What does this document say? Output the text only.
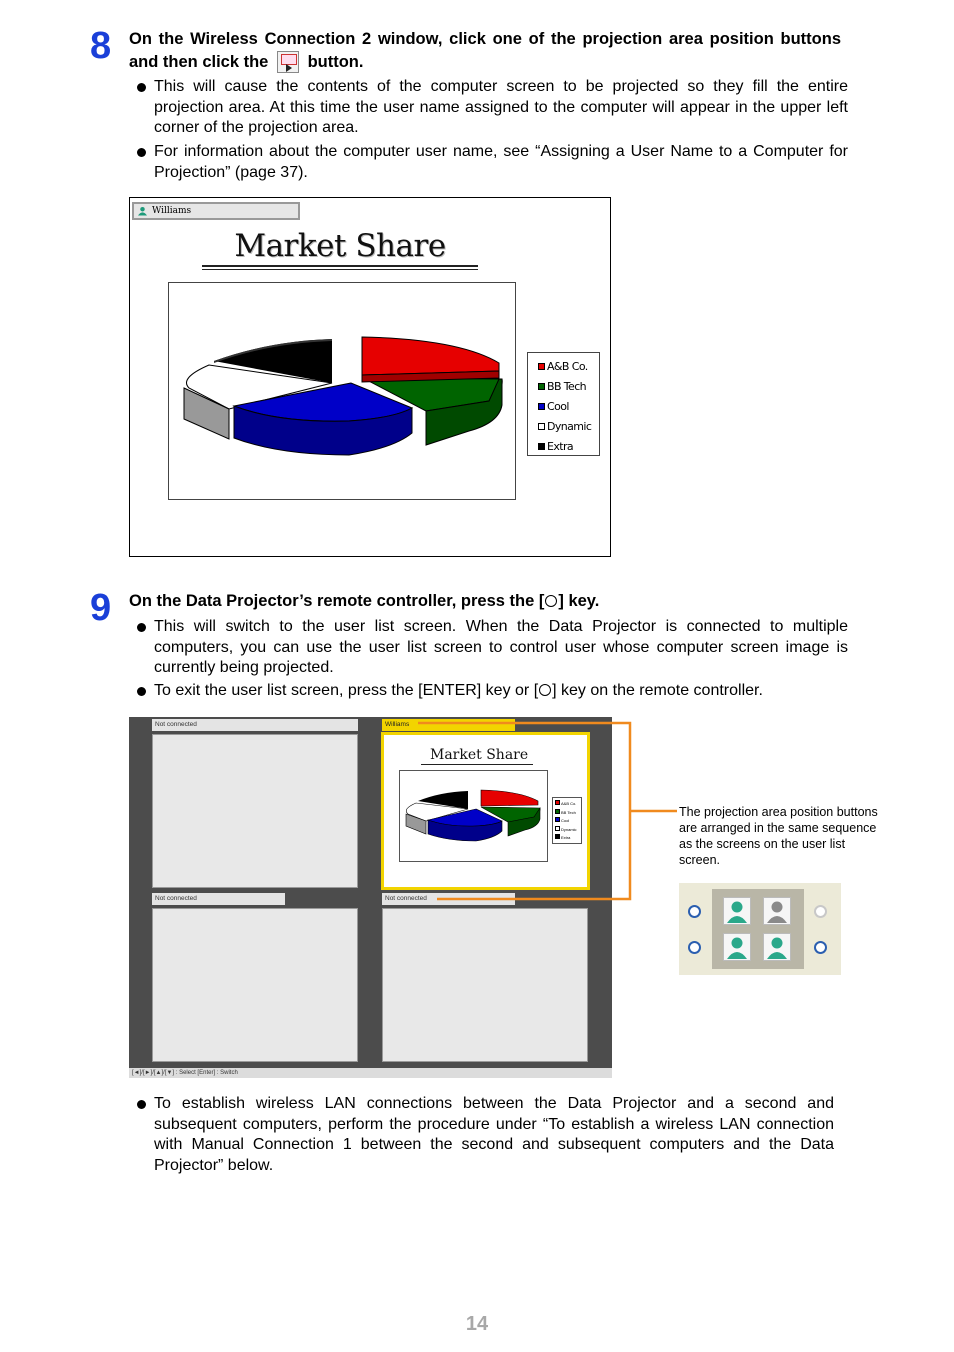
8 On the Wireless Connection 2 window, click one of the projection area position buttons and then click the button.
This will cause the contents of the computer screen to be projected so they fill the entire projection area. At this time the user name assigned to the computer will appear in the upper left corner of the projection area.
For information about the computer user name, see “Assigning a User Name to a Computer for Projection” (page 37).
Williams
Market Share
A&B Co.
BB Tech
Cool
Dynamic
Extra
9 On the Data Projector’s remote controller, press the [ ] key.
This will switch to the user list screen. When the Data Projector is connected to multiple computers, you can use the user list screen to control user whose computer screen image is currently being projected.
To exit the user list screen, press the [ENTER] key or [ ] key on the remote controller.
Not connected	Williams
Market Share
A&B Co.
BB Tech
Cool
Dynamic
Extra
Not connected	Not connected
[◄]/[►]/[▲]/[▼] : Select [Enter] : Switch
The projection area position buttons are arranged in the same sequence as the screens on the user list screen.
To establish wireless LAN connections between the Data Projector and a second and subsequent computers, perform the procedure under “To establish a wireless LAN connection with Manual Connection 1 between the second and subsequent computers and the Data Projector” below.
14
